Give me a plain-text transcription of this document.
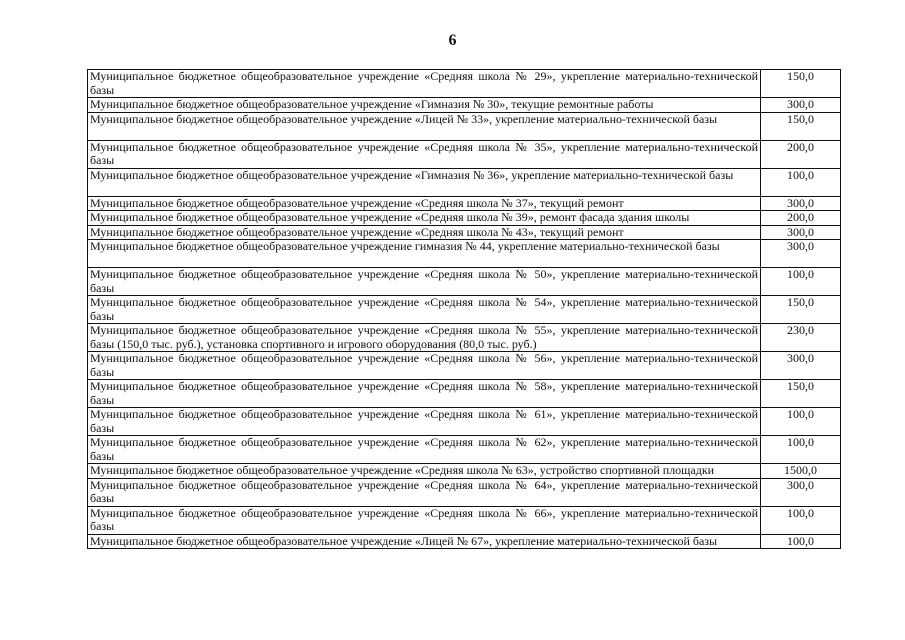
6
Муниципальное бюджетное общеобразовательное учреждение «Средняя школа № 29», укрепление материально-технической базы	150,0
Муниципальное бюджетное общеобразовательное учреждение «Гимназия № 30», текущие ремонтные работы	300,0
Муниципальное бюджетное общеобразовательное учреждение «Лицей № 33», укрепление материально-технической базы	150,0
Муниципальное бюджетное общеобразовательное учреждение «Средняя школа № 35», укрепление материально-технической базы	200,0
Муниципальное бюджетное общеобразовательное учреждение «Гимназия № 36», укрепление материально-технической базы	100,0
Муниципальное бюджетное общеобразовательное учреждение «Средняя школа № 37», текущий ремонт	300,0
Муниципальное бюджетное общеобразовательное учреждение «Средняя школа № 39», ремонт фасада здания школы	200,0
Муниципальное бюджетное общеобразовательное учреждение «Средняя школа № 43», текущий ремонт	300,0
Муниципальное бюджетное общеобразовательное учреждение гимназия № 44, укрепление материально-технической базы	300,0
Муниципальное бюджетное общеобразовательное учреждение «Средняя школа № 50», укрепление материально-технической базы	100,0
Муниципальное бюджетное общеобразовательное учреждение «Средняя школа № 54», укрепление материально-технической базы	150,0
Муниципальное бюджетное общеобразовательное учреждение «Средняя школа № 55», укрепление материально-технической базы (150,0 тыс. руб.), установка спортивного и игрового оборудования (80,0 тыс. руб.)	230,0
Муниципальное бюджетное общеобразовательное учреждение «Средняя школа № 56», укрепление материально-технической базы	300,0
Муниципальное бюджетное общеобразовательное учреждение «Средняя школа № 58», укрепление материально-технической базы	150,0
Муниципальное бюджетное общеобразовательное учреждение «Средняя школа № 61», укрепление материально-технической базы	100,0
Муниципальное бюджетное общеобразовательное учреждение «Средняя школа № 62», укрепление материально-технической базы	100,0
Муниципальное бюджетное общеобразовательное учреждение «Средняя школа № 63», устройство спортивной площадки	1500,0
Муниципальное бюджетное общеобразовательное учреждение «Средняя школа № 64», укрепление материально-технической базы	300,0
Муниципальное бюджетное общеобразовательное учреждение «Средняя школа № 66», укрепление материально-технической базы	100,0
Муниципальное бюджетное общеобразовательное учреждение «Лицей № 67», укрепление материально-технической базы	100,0
